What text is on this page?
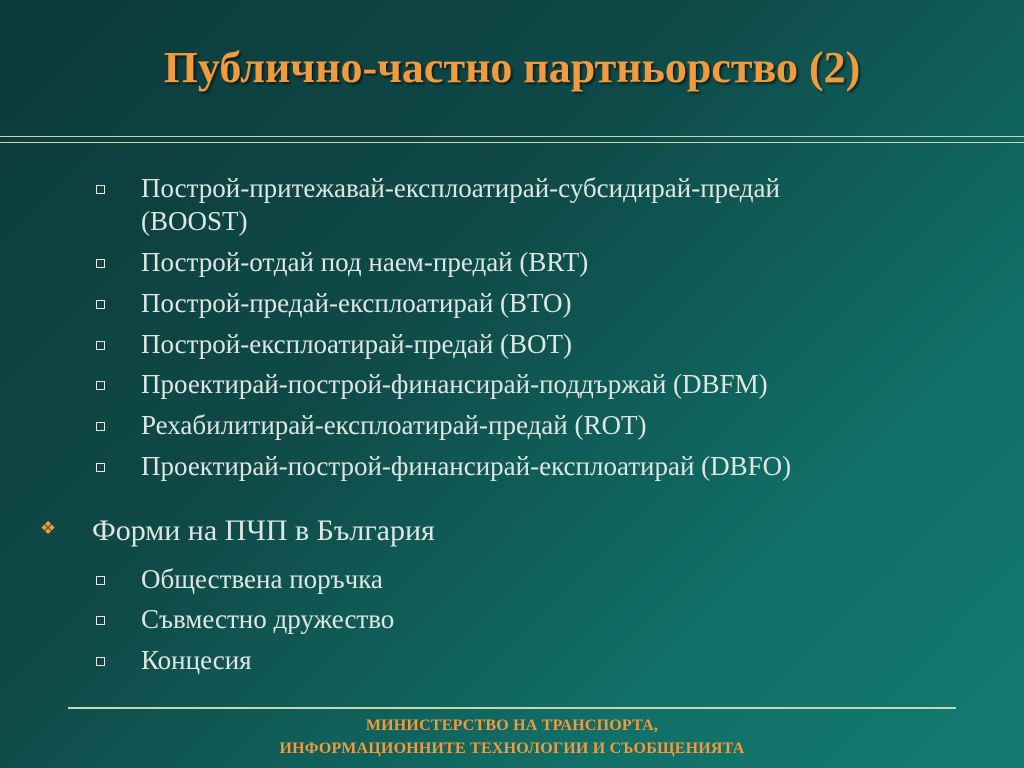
Публично-частно партньорство (2)
Построй-притежавай-експлоатирай-субсидирай-предай
(BOOST)
Построй-отдай под наем-предай (BRT)
Построй-предай-експлоатирай (BTO)
Построй-експлоатирай-предай (BOT)
Проектирай-построй-финансирай-поддържай (DBFM)
Рехабилитирай-експлоатирай-предай (ROT)
Проектирай-построй-финансирай-експлоатирай (DBFO)
❖ Форми на ПЧП в България
Обществена поръчка
Съвместно дружество
Концесия
МИНИСТЕРСТВО НА ТРАНСПОРТА,
ИНФОРМАЦИОННИТЕ ТЕХНОЛОГИИ И СЪОБЩЕНИЯТА
